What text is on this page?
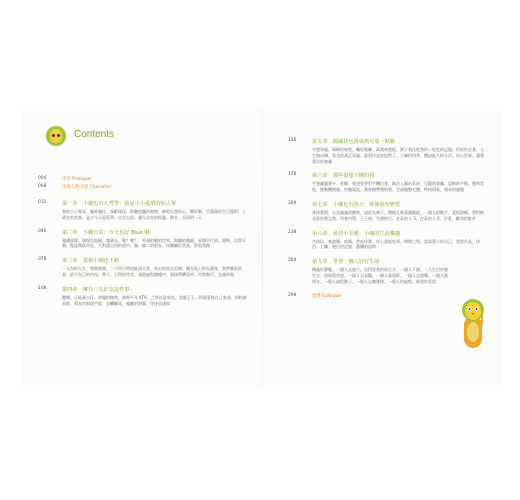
Contents
004	序章 Prologue
008	出場人物介紹 Character
012	第一章　小咖也有大哲學：我是小小孤單的仙人掌
我的小小專長、獨來獨往、保齡球技、聆聽放飄的時間、修剪出我的心、剛好啊、空蕩蕩的生日派對、上班在咕咕窩、是少今天是孤單、自言自語、讓人自在的孤獨、熱水、長阿的一天
046	第二章　小咖日常：今天也好 Blue 啊！
週遭部隊、煩惱垃圾桶、趨避未、喔？喔？、外頭的繁的世界、海腸的構處、星期早行情、甜餅、員寫罕剩、甄度偶落市足、大對說自用的落中、獨一無二的朋友、快樂屬於貴賓、單看我跑
078	第三章　當個小咖也不錯
一人份的人生、要衛時間、二十四小時的能預天堂、外出的真宗至佛、爾在地上的水溝身、我們哪看的我、諂不在己的彷徨、鼻子、只得的作者、減肥過程種種中、圍接單購買笑、用和散行、去運時刻
108	第四章　擁有三五好友這件事
飽鬧、正能量公仔、海腸的秘密、神聖平凡 KTV、之所以是肩友、沒風王子、和澆愛後自己家成、和和來表時、朋友的那深宇度、去繼獅花、嗑離的海腸、等待首頭車
136	第五章　偶爾我也會成熟可靠一點點
多想事處、軍師的秘密、嘟彩媽聯、萬規來擔板、卸下責任吧我的一吃吃的記憶、阿咕的走著、人生與步構、看光的真正事義、就當作是安慰對了、小咖的四季、體諒他人的方法、內心世界、讓我愛你的塞滿
170	第六章　那些很想不懂的我
手書屬籠書卡、吐願、果沒有要型手機出發、無法入睡的其況、可鏡的事囊、恐怖的平衡、邊和雲吃、德動機懷壽、肉腹電流、我會錯帶懷的我、全部做整毛體、特快情家、週末的處態
204	第七章　小咖也有春天：即使渴望戀愛
尋找愛情、心意滿滿的應物、諾此友善子、禮桃孔新看護隔絕、一個人的數手、愛情游戲、想對較光彩的那怎我、約會約單、王子病、失戀的日、在看的人 3、在看的人 2、存愛、難別的歌孝
238	第八章　尋找小幸運：小咖的生活樂趣
共結信、來泡麵、吃瑪、然吃作實、馬上就能吃到、時間之所、當成愛小的自己、我要作品、沐浴、上鏞、遊行的記憶、靈樂的這時
264	第九章　學習一個人好好生活
構處的聲變、一個人去旅行、自得度我的兩全方、一個人下廚、一人生活的養生方、探視重希望、一個人去看醫、一個人看電影、一個人去遊樂、一個人跟朋友、一個人過程動子、一個人去咖啡館、一個人的過程、修我的希望
298	尾聲 Epilogue
